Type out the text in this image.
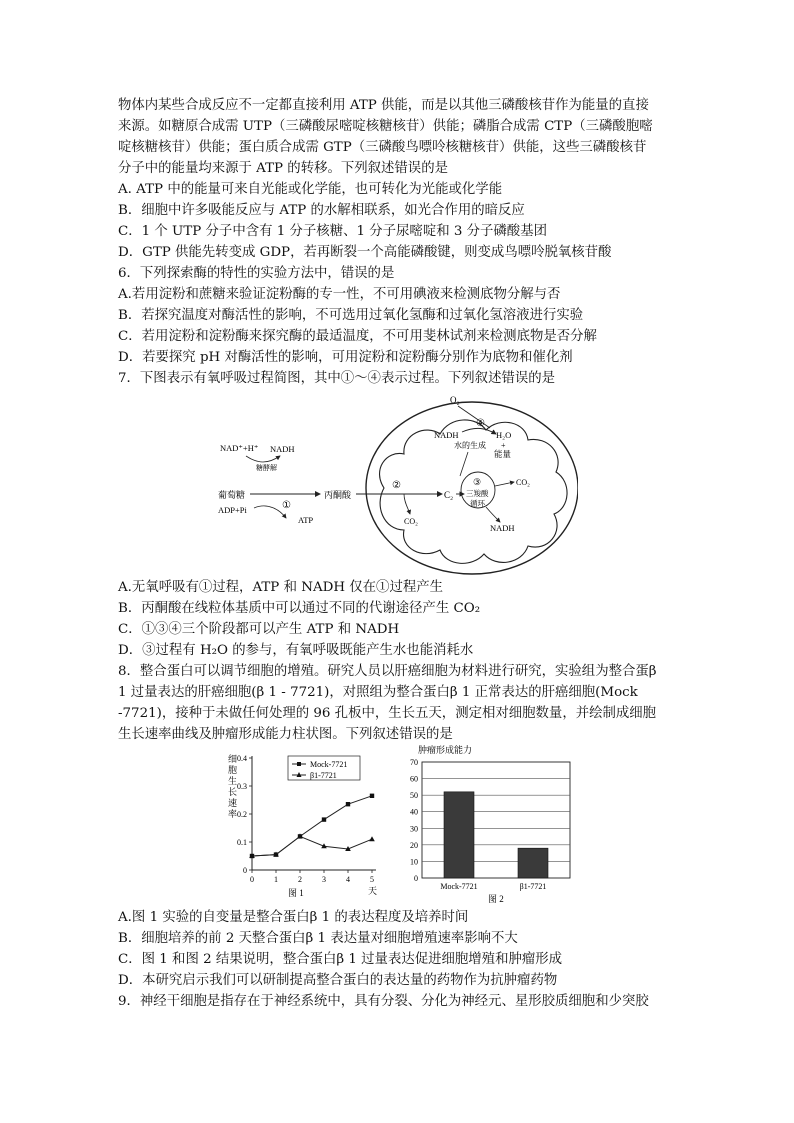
物体内某些合成反应不一定都直接利用 ATP 供能，而是以其他三磷酸核苷作为能量的直接
来源。如糖原合成需 UTP（三磷酸尿嘧啶核糖核苷）供能；磷脂合成需 CTP（三磷酸胞嘧
啶核糖核苷）供能；蛋白质合成需 GTP（三磷酸鸟嘌呤核糖核苷）供能，这些三磷酸核苷
分子中的能量均来源于 ATP 的转移。下列叙述错误的是
A. ATP 中的能量可来自光能或化学能，也可转化为光能或化学能
B．细胞中许多吸能反应与 ATP 的水解相联系，如光合作用的暗反应
C．1 个 UTP 分子中含有 1 分子核糖、1 分子尿嘧啶和 3 分子磷酸基团
D．GTP 供能先转变成 GDP，若再断裂一个高能磷酸键，则变成鸟嘌呤脱氧核苷酸
6．下列探索酶的特性的实验方法中，错误的是
A.若用淀粉和蔗糖来验证淀粉酶的专一性，不可用碘液来检测底物分解与否
B．若探究温度对酶活性的影响，不可选用过氧化氢酶和过氧化氢溶液进行实验
C．若用淀粉和淀粉酶来探究酶的最适温度，不可用斐林试剂来检测底物是否分解
D．若要探究 pH 对酶活性的影响，可用淀粉和淀粉酶分别作为底物和催化剂
7．下图表示有氧呼吸过程简图，其中①～④表示过程。下列叙述错误的是
O₂
④
NADH	H₂O
+
能量
水的生成
NAD⁺+H⁺ NADH
糖酵解
葡萄糖
ADP+Pi	①
ATP
丙酮酸
②
CO₂
C₂
③
三羧酸
循环
CO₂
NADH
A.无氧呼吸有①过程，ATP 和 NADH 仅在①过程产生
B．丙酮酸在线粒体基质中可以通过不同的代谢途径产生 CO₂
C．①③④三个阶段都可以产生 ATP 和 NADH
D．③过程有 H₂O 的参与，有氧呼吸既能产生水也能消耗水
8．整合蛋白可以调节细胞的增殖。研究人员以肝癌细胞为材料进行研究，实验组为整合蛋β
1 过量表达的肝癌细胞(β 1 - 7721)，对照组为整合蛋白β 1 正常表达的肝癌细胞(Mock
-7721)，接种于未做任何处理的 96 孔板中，生长五天，测定相对细胞数量，并绘制成细胞
生长速率曲线及肿瘤形成能力柱状图。下列叙述错误的是
细
胞
生
长
速
率
0
0.1
0.2
0.3
0.4
0	1	2	3	4	5
Mock-7721
β1-7721
天
图 1
肿瘤形成能力
0
10
20
30
40
50
60
70
Mock-7721	β1-7721
图 2
A.图 1 实验的自变量是整合蛋白β 1 的表达程度及培养时间
B．细胞培养的前 2 天整合蛋白β 1 表达量对细胞增殖速率影响不大
C．图 1 和图 2 结果说明，整合蛋白β 1 过量表达促进细胞增殖和肿瘤形成
D．本研究启示我们可以研制提高整合蛋白的表达量的药物作为抗肿瘤药物
9．神经干细胞是指存在于神经系统中，具有分裂、分化为神经元、星形胶质细胞和少突胶
